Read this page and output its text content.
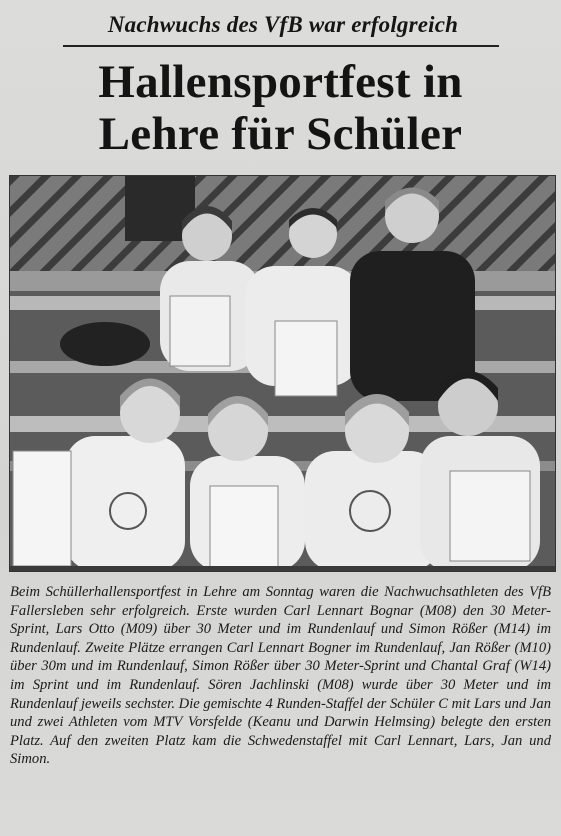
Nachwuchs des VfB war erfolgreich
Hallensportfest in
Lehre für Schüler
Beim Schüllerhallensportfest in Lehre am Sonntag waren die Nachwuchsathleten des VfB Fallersleben sehr erfolgreich. Erste wurden Carl Lennart Bognar (M08) den 30 Meter-Sprint, Lars Otto (M09) über 30 Meter und im Rundenlauf und Simon Rößer (M14) im Rundenlauf. Zweite Plätze errangen Carl Lennart Bogner im Rundenlauf, Jan Rößer (M10) über 30m und im Rundenlauf, Simon Rößer über 30 Meter-Sprint und Chantal Graf (W14) im Sprint und im Rundenlauf. Sören Jachlinski (M08) wurde über 30 Meter und im Rundenlauf jeweils sechster. Die gemischte 4 Runden-Staffel der Schüler C mit Lars und Jan und zwei Athleten vom MTV Vorsfelde (Keanu und Darwin Helmsing) belegte den ersten Platz. Auf den zweiten Platz kam die Schwedenstaffel mit Carl Lennart, Lars, Jan und Simon.
